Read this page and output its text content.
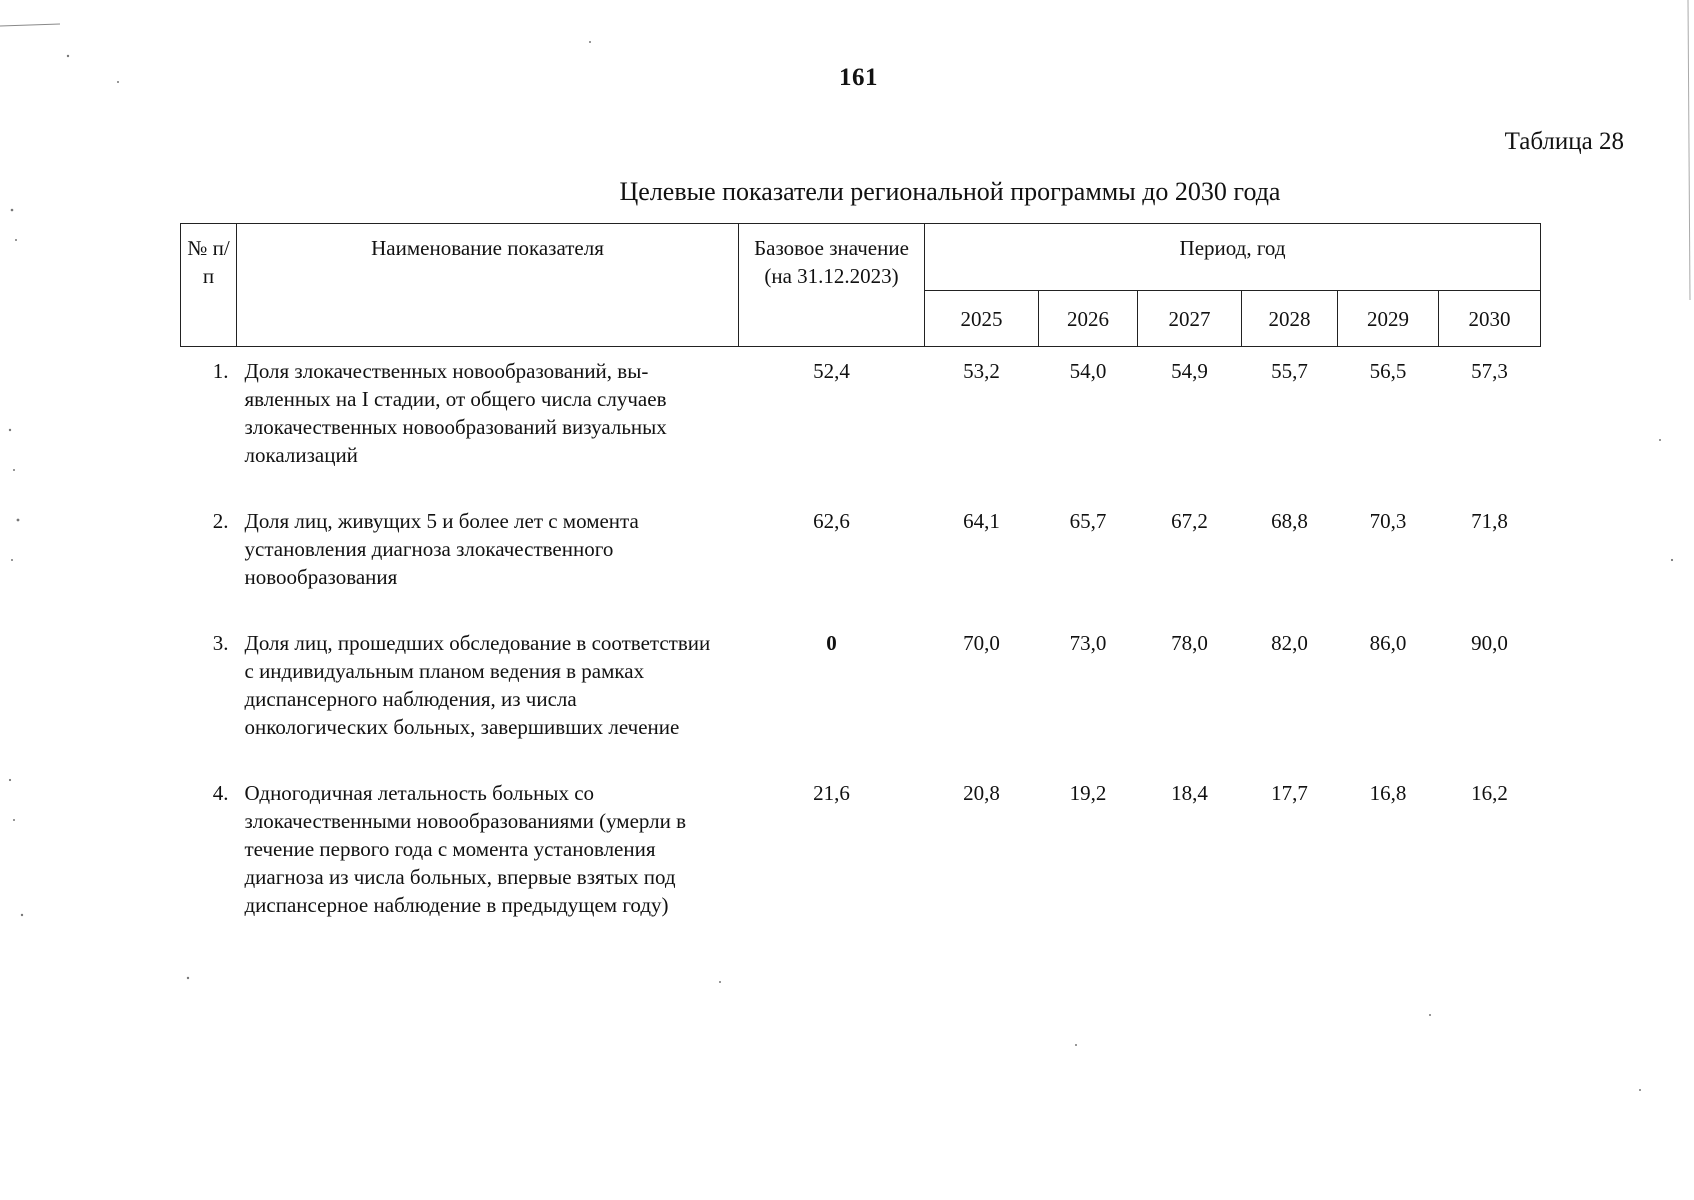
161
Таблица 28
Целевые показатели региональной программы до 2030 года
№ п/п	Наименование показателя	Базовое значение (на 31.12.2023)	Период, год					
			2025	2026	2027	2028	2029	2030
1.	Доля злокачественных новообразований, выявленных на I стадии, от общего числа случаев злокачественных новообразований визуальных локализаций	52,4	53,2	54,0	54,9	55,7	56,5	57,3
2.	Доля лиц, живущих 5 и более лет с момента установления диагноза злокачественного новообразования	62,6	64,1	65,7	67,2	68,8	70,3	71,8
3.	Доля лиц, прошедших обследование в соответствии с индивидуальным планом ведения в рамках диспансерного наблюдения, из числа онкологических больных, завершивших лечение	0	70,0	73,0	78,0	82,0	86,0	90,0
4.	Одногодичная летальность больных со злокачественными новообразованиями (умерли в течение первого года с момента установления диагноза из числа больных, впервые взятых под диспансерное наблюдение в предыдущем году)	21,6	20,8	19,2	18,4	17,7	16,8	16,2
